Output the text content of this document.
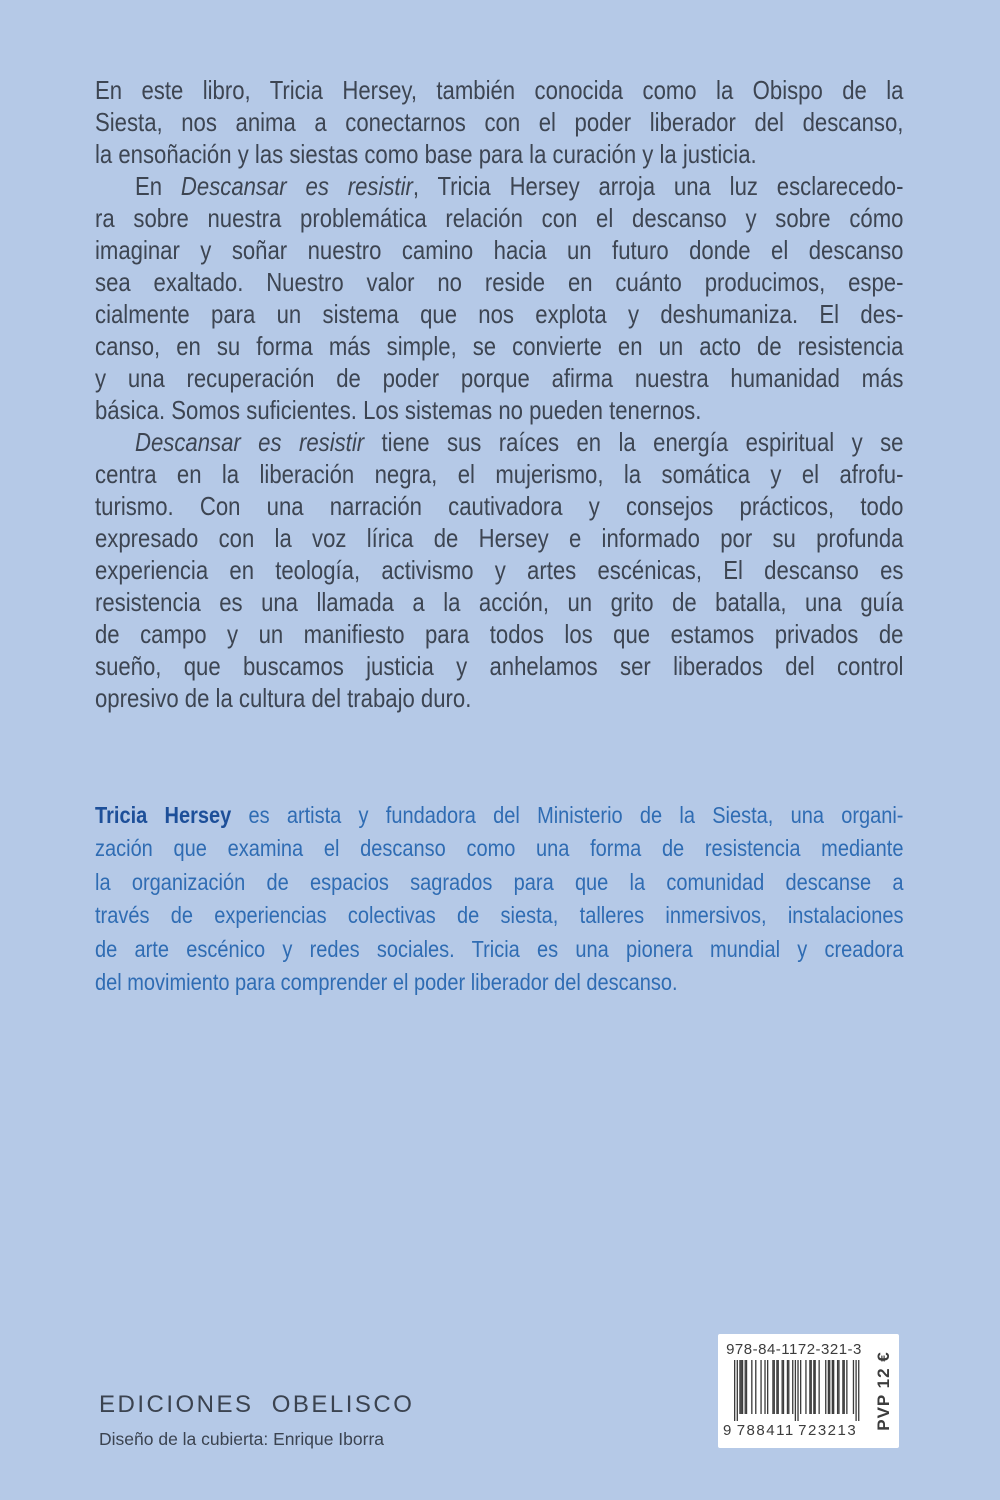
En este libro, Tricia Hersey, también conocida como la Obispo de la
Siesta, nos anima a conectarnos con el poder liberador del descanso,
la ensoñación y las siestas como base para la curación y la justicia.
En Descansar es resistir, Tricia Hersey arroja una luz esclarecedo-
ra sobre nuestra problemática relación con el descanso y sobre cómo
imaginar y soñar nuestro camino hacia un futuro donde el descanso
sea exaltado. Nuestro valor no reside en cuánto producimos, espe-
cialmente para un sistema que nos explota y deshumaniza. El des-
canso, en su forma más simple, se convierte en un acto de resistencia
y una recuperación de poder porque afirma nuestra humanidad más
básica. Somos suficientes. Los sistemas no pueden tenernos.
Descansar es resistir tiene sus raíces en la energía espiritual y se
centra en la liberación negra, el mujerismo, la somática y el afrofu-
turismo. Con una narración cautivadora y consejos prácticos, todo
expresado con la voz lírica de Hersey e informado por su profunda
experiencia en teología, activismo y artes escénicas, El descanso es
resistencia es una llamada a la acción, un grito de batalla, una guía
de campo y un manifiesto para todos los que estamos privados de
sueño, que buscamos justicia y anhelamos ser liberados del control
opresivo de la cultura del trabajo duro.
Tricia Hersey es artista y fundadora del Ministerio de la Siesta, una organi-
zación que examina el descanso como una forma de resistencia mediante
la organización de espacios sagrados para que la comunidad descanse a
través de experiencias colectivas de siesta, talleres inmersivos, instalaciones
de arte escénico y redes sociales. Tricia es una pionera mundial y creadora
del movimiento para comprender el poder liberador del descanso.
EDICIONES OBELISCO
Diseño de la cubierta: Enrique Iborra
978-84-1172-321-3
9 788411 723213 PVP 12 €
